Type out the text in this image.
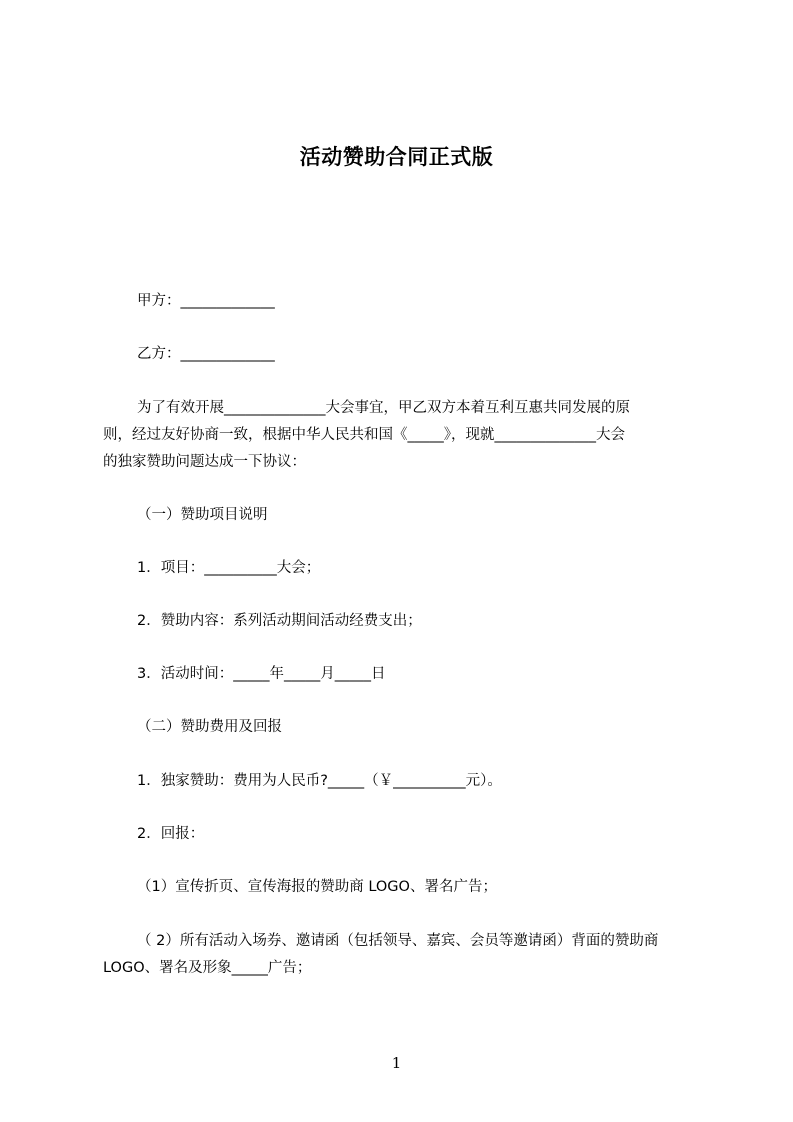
活动赞助合同正式版
甲方：_____________
乙方：_____________
为了有效开展______________大会事宜，甲乙双方本着互利互惠共同发展的原
则，经过友好协商一致，根据中华人民共和国《_____》，现就______________大会
的独家赞助问题达成一下协议：
（一）赞助项目说明
1．项目：__________大会；
2．赞助内容：系列活动期间活动经费支出；
3．活动时间：_____年_____月_____日
（二）赞助费用及回报
1．独家赞助：费用为人民币?_____（￥__________元）。
2．回报：
（1）宣传折页、宣传海报的赞助商 LOGO、署名广告；
（ 2）所有活动入场券、邀请函（包括领导、嘉宾、会员等邀请函）背面的赞助商
LOGO、署名及形象_____广告；
1
